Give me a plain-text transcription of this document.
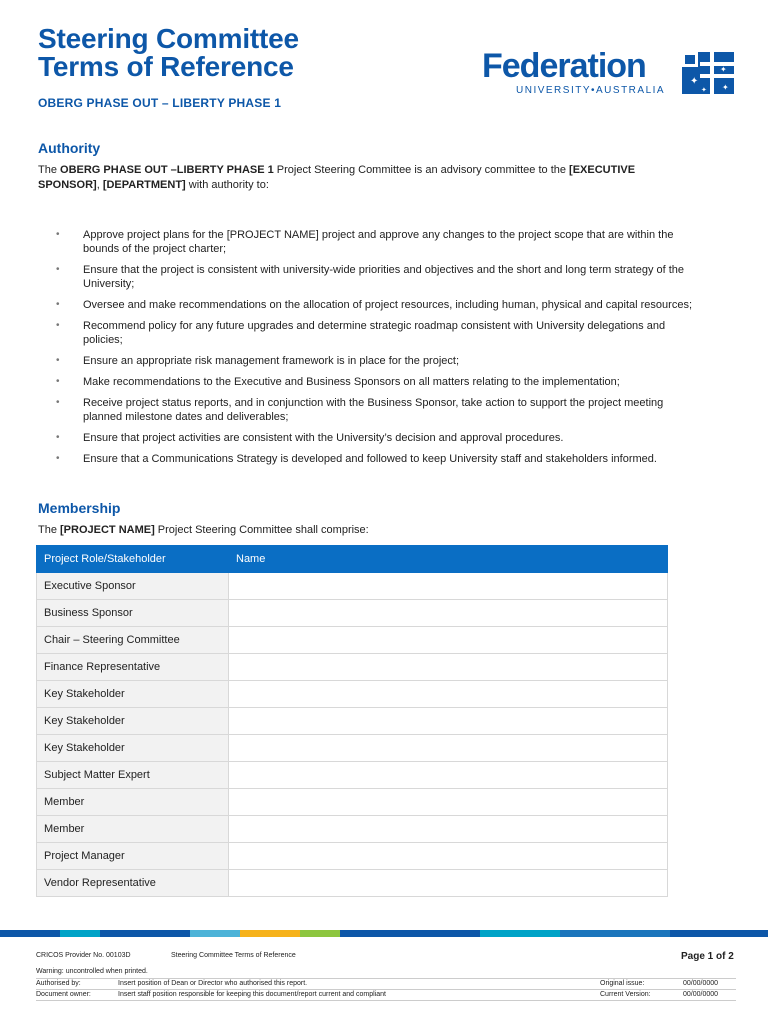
Steering Committee
Terms of Reference
OBERG PHASE OUT – LIBERTY PHASE 1
Federation
UNIVERSITY•AUSTRALIA
✦
✦
✦
✦
Authority
The OBERG PHASE OUT –LIBERTY PHASE 1 Project Steering Committee is an advisory committee to the [EXECUTIVE SPONSOR], [DEPARTMENT] with authority to:
• Approve project plans for the [PROJECT NAME] project and approve any changes to the project scope that are within the bounds of the project charter;
• Ensure that the project is consistent with university-wide priorities and objectives and the short and long term strategy of the University;
• Oversee and make recommendations on the allocation of project resources, including human, physical and capital resources;
• Recommend policy for any future upgrades and determine strategic roadmap consistent with University delegations and policies;
• Ensure an appropriate risk management framework is in place for the project;
• Make recommendations to the Executive and Business Sponsors on all matters relating to the implementation;
• Receive project status reports, and in conjunction with the Business Sponsor, take action to support the project meeting planned milestone dates and deliverables;
• Ensure that project activities are consistent with the University’s decision and approval procedures.
• Ensure that a Communications Strategy is developed and followed to keep University staff and stakeholders informed.
Membership
The [PROJECT NAME] Project Steering Committee shall comprise:
Project Role/Stakeholder	Name
Executive Sponsor	
Business Sponsor	
Chair – Steering Committee	
Finance Representative	
Key Stakeholder	
Key Stakeholder	
Key Stakeholder	
Subject Matter Expert	
Member	
Member	
Project Manager	
Vendor Representative	
CRICOS Provider No. 00103D	Steering Committee Terms of Reference	Page 1 of 2
Warning: uncontrolled when printed.
Authorised by:	Insert position of Dean or Director who authorised this report.	Original issue:	00/00/0000
Document owner:	Insert staff position responsible for keeping this document/report current and compliant	Current Version:	00/00/0000
